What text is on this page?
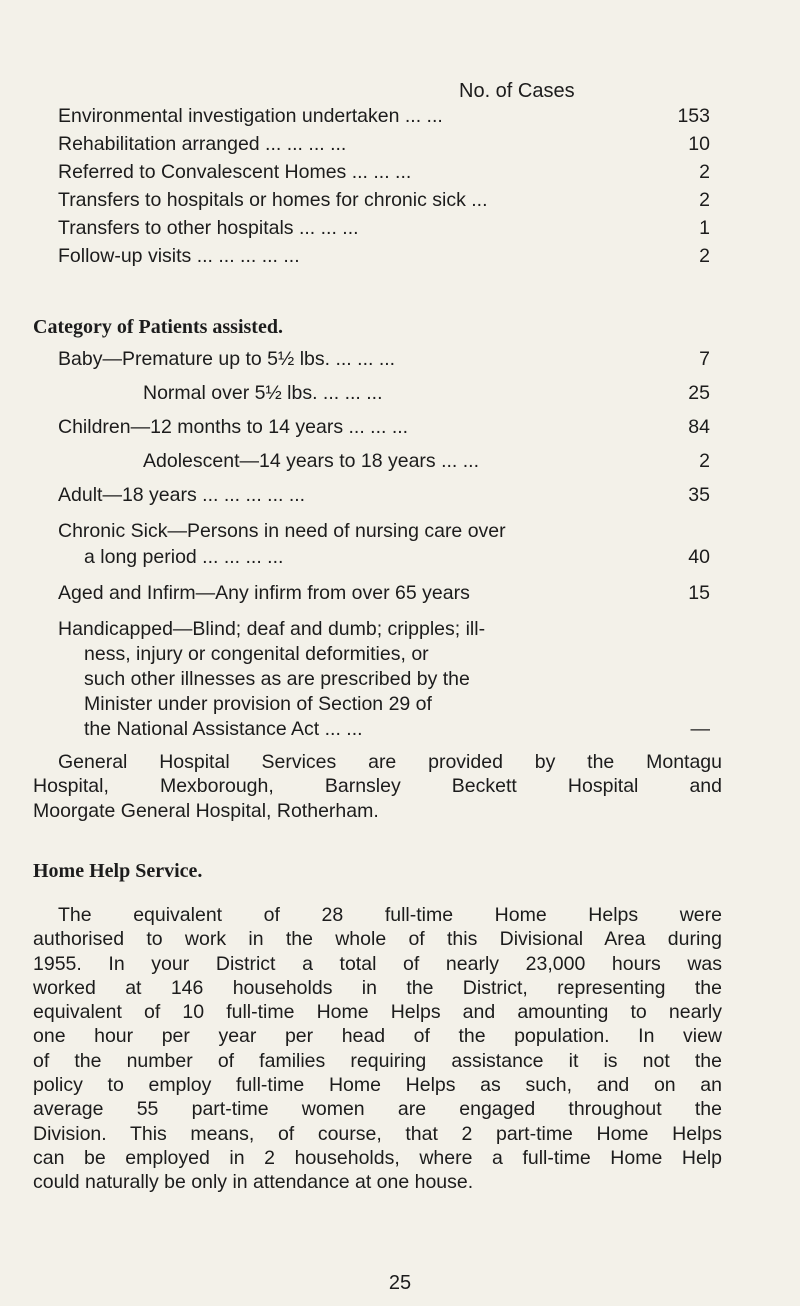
No. of Cases
Environmental investigation undertaken ... ...	153
Rehabilitation arranged ... ... ... ...	10
Referred to Convalescent Homes ... ... ...	2
Transfers to hospitals or homes for chronic sick ...	2
Transfers to other hospitals ... ... ...	1
Follow-up visits ... ... ... ... ...	2
Category of Patients assisted.
Baby—Premature up to 5½ lbs. ... ... ...	7
Normal over 5½ lbs. ... ... ...	25
Children—12 months to 14 years ... ... ...	84
Adolescent—14 years to 18 years ... ...	2
Adult—18 years ... ... ... ... ...	35
Chronic Sick—Persons in need of nursing care over
a long period ... ... ... ...	40
Aged and Infirm—Any infirm from over 65 years	15
Handicapped—Blind; deaf and dumb; cripples; ill-
ness, injury or congenital deformities, or
such other illnesses as are prescribed by the
Minister under provision of Section 29 of
the National Assistance Act ... ...	—
General Hospital Services are provided by the Montagu
Hospital, Mexborough, Barnsley Beckett Hospital and
Moorgate General Hospital, Rotherham.
Home Help Service.
The equivalent of 28 full-time Home Helps were
authorised to work in the whole of this Divisional Area during
1955. In your District a total of nearly 23,000 hours was
worked at 146 households in the District, representing the
equivalent of 10 full-time Home Helps and amounting to nearly
one hour per year per head of the population. In view
of the number of families requiring assistance it is not the
policy to employ full-time Home Helps as such, and on an
average 55 part-time women are engaged throughout the
Division. This means, of course, that 2 part-time Home Helps
can be employed in 2 households, where a full-time Home Help
could naturally be only in attendance at one house.
25
